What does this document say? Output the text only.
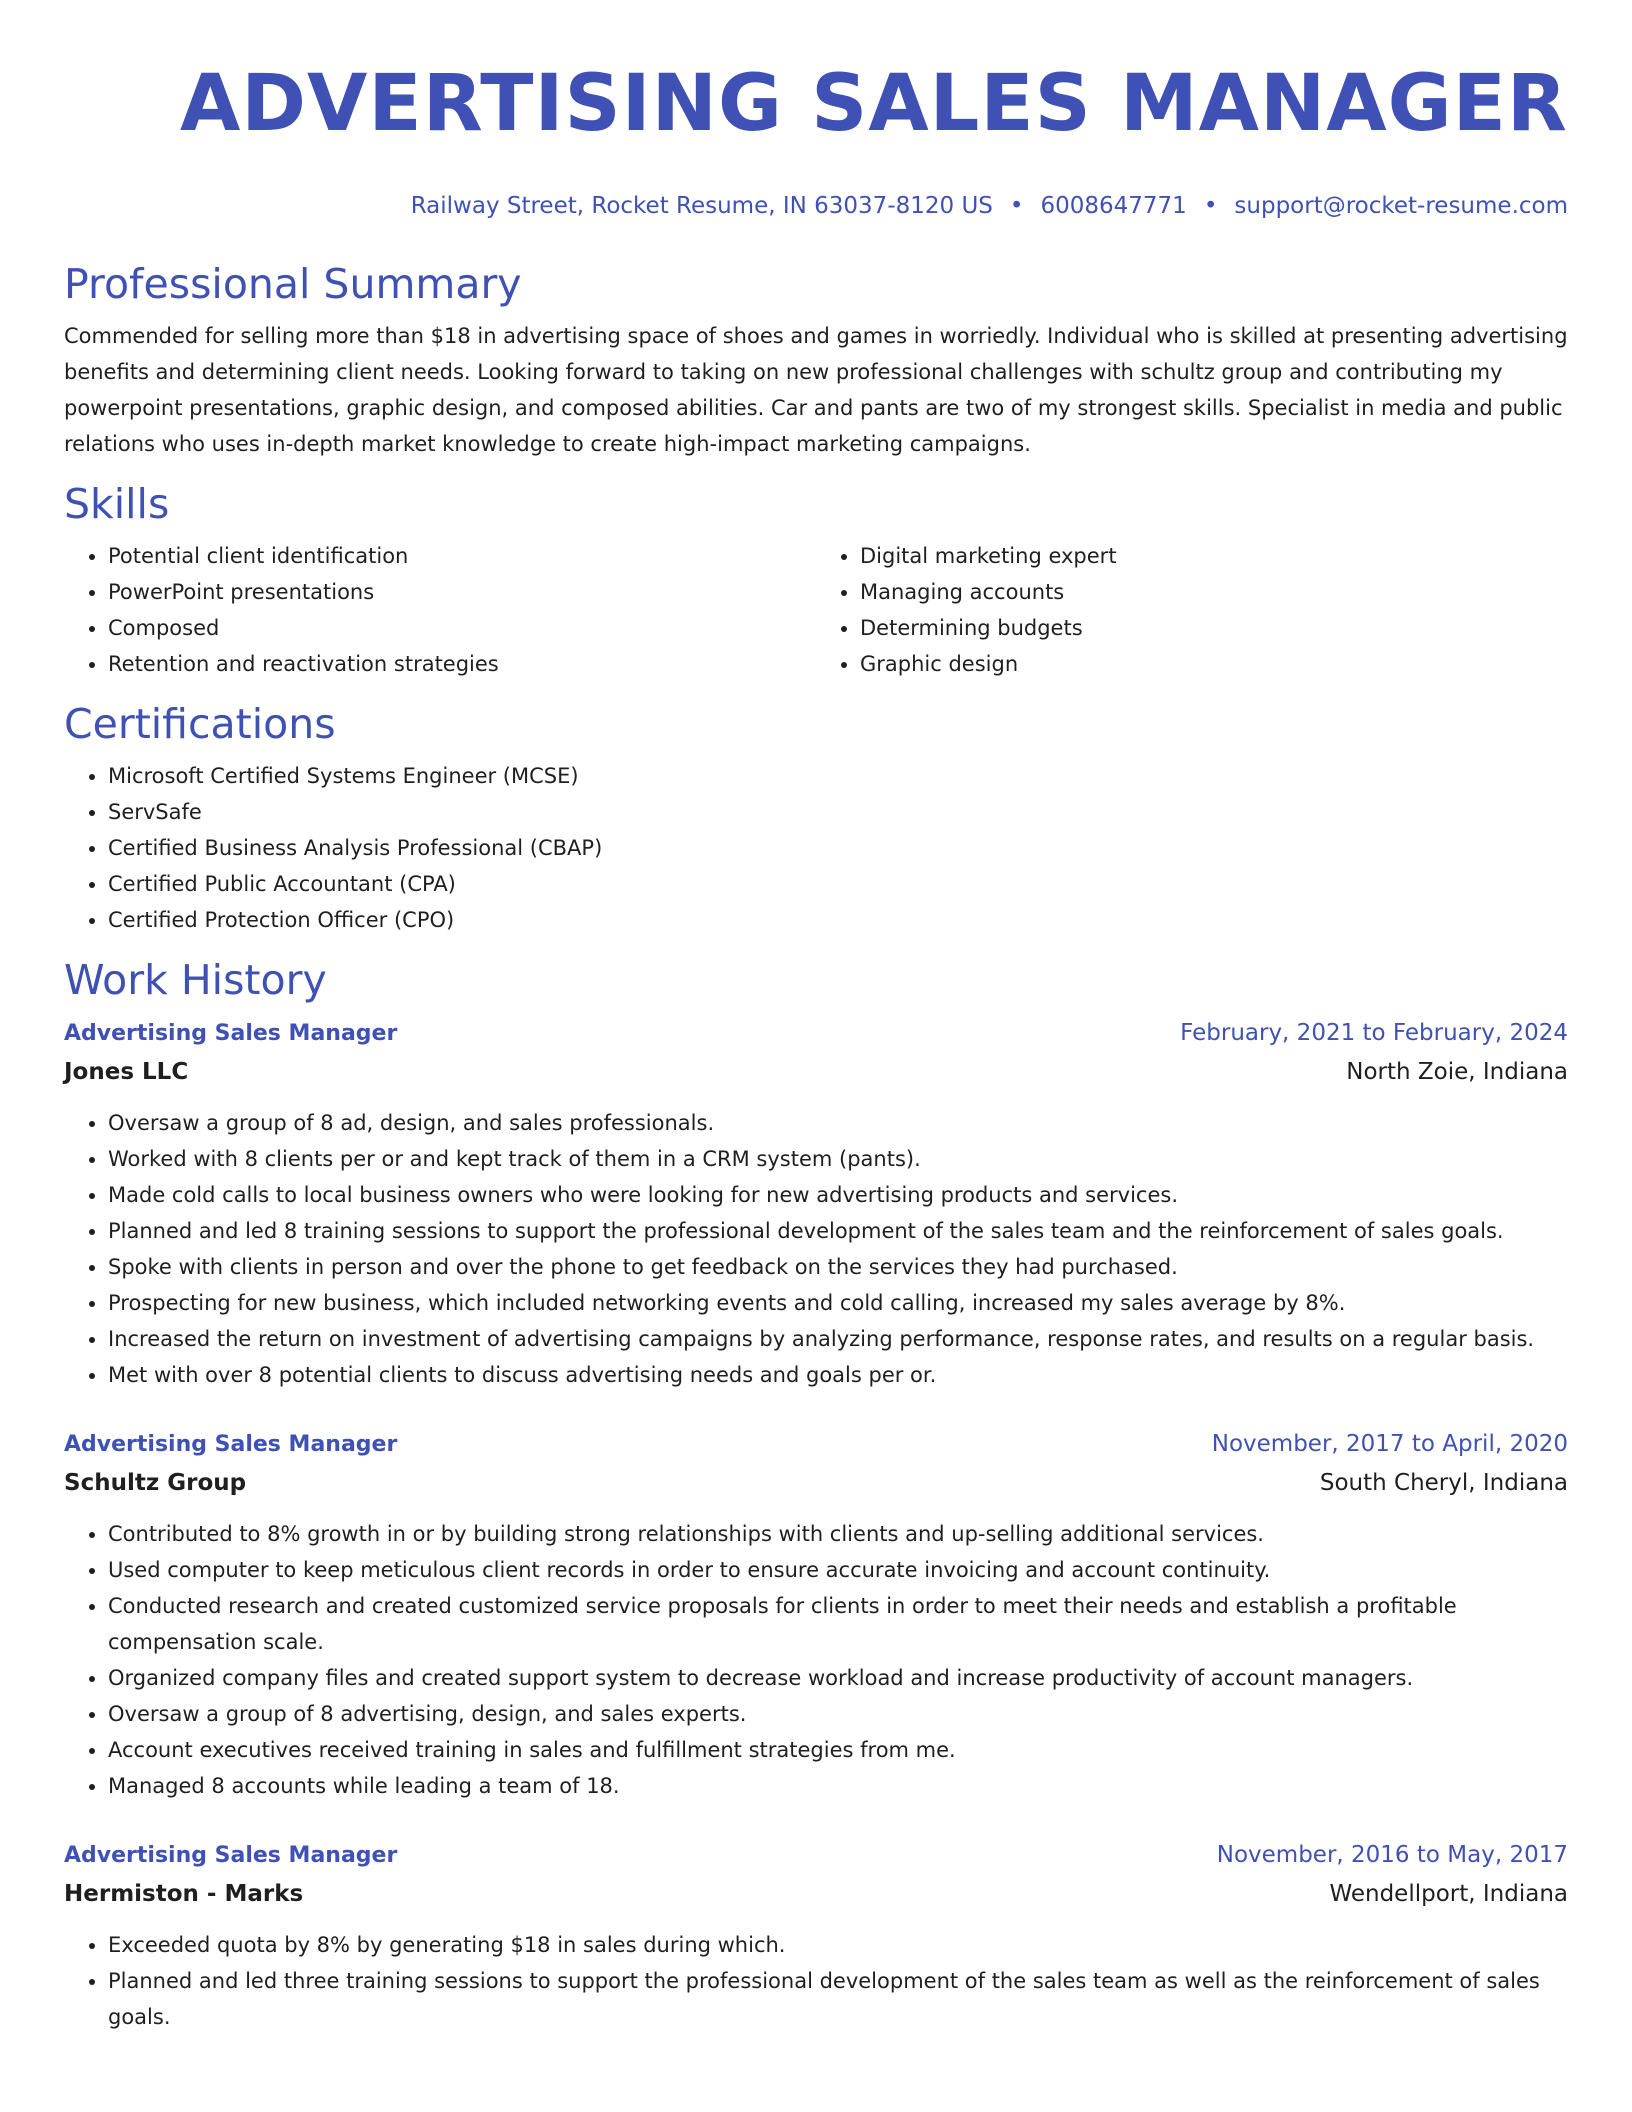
ADVERTISING SALES MANAGER
Railway Street, Rocket Resume, IN 63037-8120 US • 6008647771 • support@rocket-resume.com
Professional Summary

Commended for selling more than $18 in advertising space of shoes and games in worriedly. Individual who is skilled at presenting advertising benefits and determining client needs. Looking forward to taking on new professional challenges with schultz group and contributing my powerpoint presentations, graphic design, and composed abilities. Car and pants are two of my strongest skills. Specialist in media and public relations who uses in-depth market knowledge to create high-impact marketing campaigns.

Skills
• Potential client identification
• PowerPoint presentations
• Composed
• Retention and reactivation strategies
• Digital marketing expert
• Managing accounts
• Determining budgets
• Graphic design
Certifications
• Microsoft Certified Systems Engineer (MCSE)
• ServSafe
• Certified Business Analysis Professional (CBAP)
• Certified Public Accountant (CPA)
• Certified Protection Officer (CPO)
Work History
Advertising Sales Manager	February, 2021 to February, 2024
Jones LLC	North Zoie, Indiana
• Oversaw a group of 8 ad, design, and sales professionals.
• Worked with 8 clients per or and kept track of them in a CRM system (pants).
• Made cold calls to local business owners who were looking for new advertising products and services.
• Planned and led 8 training sessions to support the professional development of the sales team and the reinforcement of sales goals.
• Spoke with clients in person and over the phone to get feedback on the services they had purchased.
• Prospecting for new business, which included networking events and cold calling, increased my sales average by 8%.
• Increased the return on investment of advertising campaigns by analyzing performance, response rates, and results on a regular basis.
• Met with over 8 potential clients to discuss advertising needs and goals per or.
Advertising Sales Manager	November, 2017 to April, 2020
Schultz Group	South Cheryl, Indiana
• Contributed to 8% growth in or by building strong relationships with clients and up-selling additional services.
• Used computer to keep meticulous client records in order to ensure accurate invoicing and account continuity.
• Conducted research and created customized service proposals for clients in order to meet their needs and establish a profitable compensation scale.
• Organized company files and created support system to decrease workload and increase productivity of account managers.
• Oversaw a group of 8 advertising, design, and sales experts.
• Account executives received training in sales and fulfillment strategies from me.
• Managed 8 accounts while leading a team of 18.
Advertising Sales Manager	November, 2016 to May, 2017
Hermiston - Marks	Wendellport, Indiana
• Exceeded quota by 8% by generating $18 in sales during which.
• Planned and led three training sessions to support the professional development of the sales team as well as the reinforcement of sales goals.
